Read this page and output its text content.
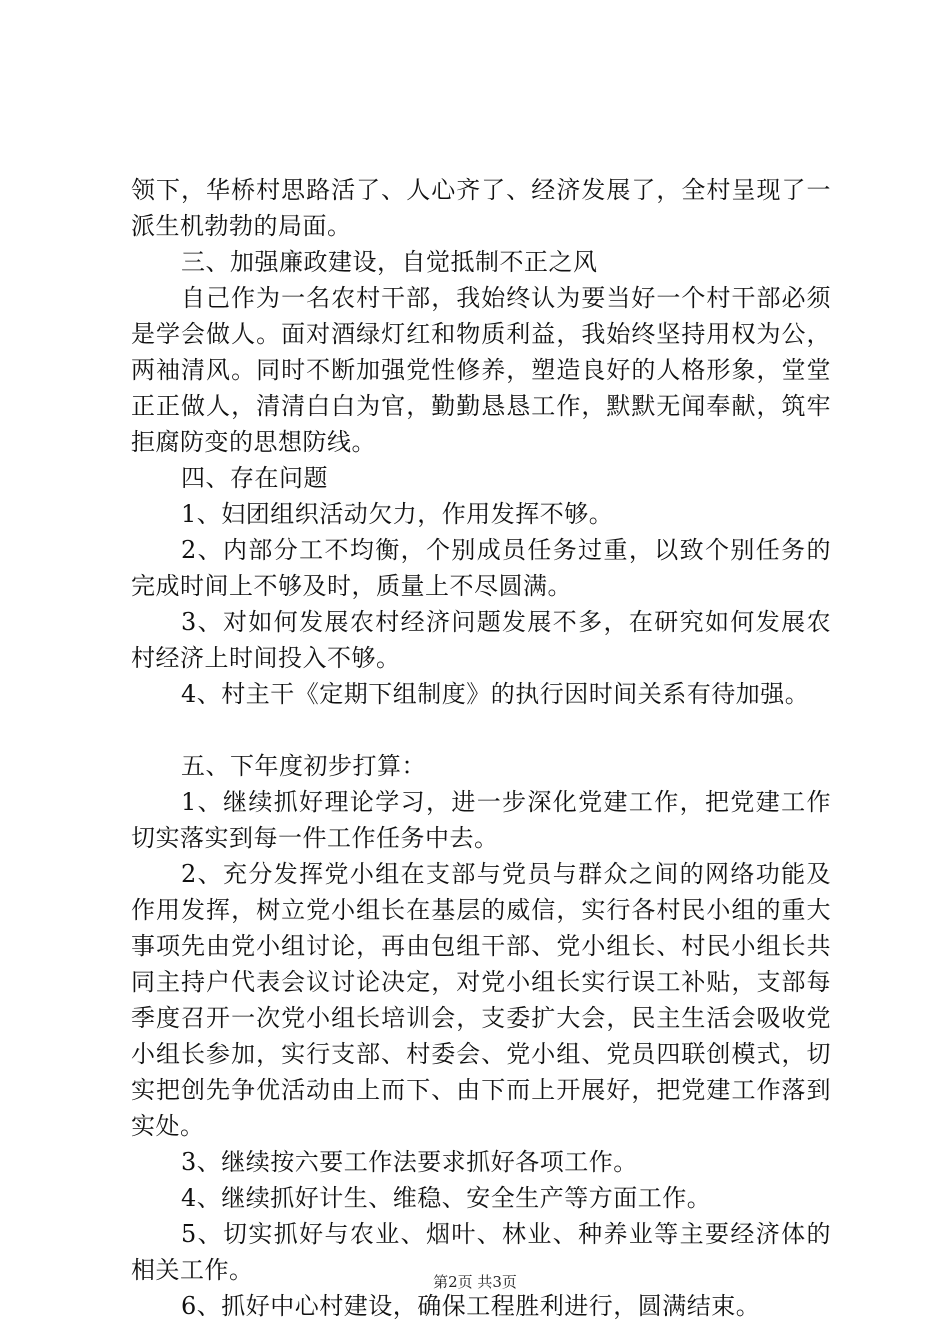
领下，华桥村思路活了、人心齐了、经济发展了，全村呈现了一派生机勃勃的局面。

三、加强廉政建设，自觉抵制不正之风

自己作为一名农村干部，我始终认为要当好一个村干部必须是学会做人。面对酒绿灯红和物质利益，我始终坚持用权为公，两袖清风。同时不断加强党性修养，塑造良好的人格形象，堂堂正正做人，清清白白为官，勤勤恳恳工作，默默无闻奉献，筑牢拒腐防变的思想防线。

四、存在问题

1、妇团组织活动欠力，作用发挥不够。

2、内部分工不均衡，个别成员任务过重，以致个别任务的完成时间上不够及时，质量上不尽圆满。

3、对如何发展农村经济问题发展不多，在研究如何发展农村经济上时间投入不够。

4、村主干《定期下组制度》的执行因时间关系有待加强。

五、下年度初步打算：

1、继续抓好理论学习，进一步深化党建工作，把党建工作切实落实到每一件工作任务中去。

2、充分发挥党小组在支部与党员与群众之间的网络功能及作用发挥，树立党小组长在基层的威信，实行各村民小组的重大事项先由党小组讨论，再由包组干部、党小组长、村民小组长共同主持户代表会议讨论决定，对党小组长实行误工补贴，支部每季度召开一次党小组长培训会，支委扩大会，民主生活会吸收党小组长参加，实行支部、村委会、党小组、党员四联创模式，切实把创先争优活动由上而下、由下而上开展好，把党建工作落到实处。

3、继续按六要工作法要求抓好各项工作。

4、继续抓好计生、维稳、安全生产等方面工作。

5、切实抓好与农业、烟叶、林业、种养业等主要经济体的相关工作。

6、抓好中心村建设，确保工程胜利进行，圆满结束。

第2页 共3页
